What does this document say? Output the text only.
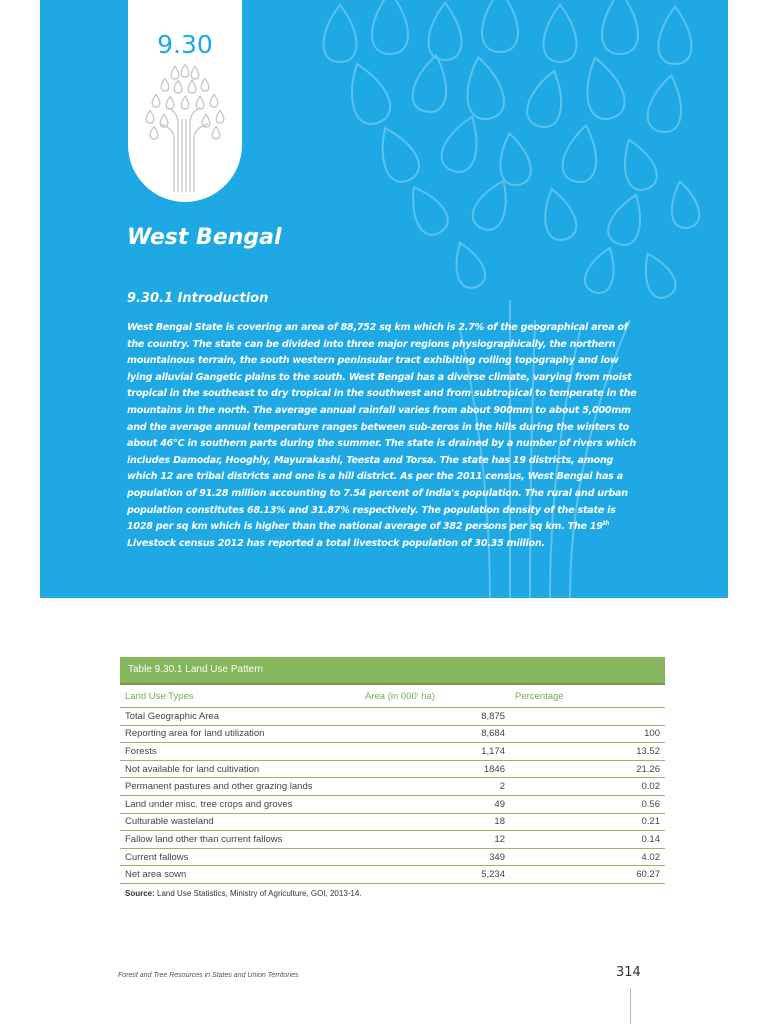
9.30
West Bengal
9.30.1 Introduction

West Bengal State is covering an area of 88,752 sq km which is 2.7% of the geographical area of
the country. The state can be divided into three major regions physiographically, the northern
mountainous terrain, the south western peninsular tract exhibiting rolling topography and low
lying alluvial Gangetic plains to the south. West Bengal has a diverse climate, varying from moist
tropical in the southeast to dry tropical in the southwest and from subtropical to temperate in the
mountains in the north. The average annual rainfall varies from about 900mm to about 5,000mm
and the average annual temperature ranges between sub-zeros in the hills during the winters to
about 46°C in southern parts during the summer. The state is drained by a number of rivers which
includes Damodar, Hooghly, Mayurakashi, Teesta and Torsa. The state has 19 districts, among
which 12 are tribal districts and one is a hill district. As per the 2011 census, West Bengal has a
population of 91.28 million accounting to 7.54 percent of India's population. The rural and urban
population constitutes 68.13% and 31.87% respectively. The population density of the state is
1028 per sq km which is higher than the national average of 382 persons per sq km. The 19th
Livestock census 2012 has reported a total livestock population of 30.35 million.

Table 9.30.1 Land Use Pattern
Land Use Types	Area (in 000' ha)	Percentage
Total Geographic Area	8,875	
Reporting area for land utilization	8,684	100
Forests	1,174	13.52
Not available for land cultivation	1846	21.26
Permanent pastures and other grazing lands	2	0.02
Land under misc. tree crops and groves	49	0.56
Culturable wasteland	18	0.21
Fallow land other than current fallows	12	0.14
Current fallows	349	4.02
Net area sown	5,234	60.27
Source: Land Use Statistics, Ministry of Agriculture, GOI, 2013-14.
Forest and Tree Resources in States and Union Territories	314
